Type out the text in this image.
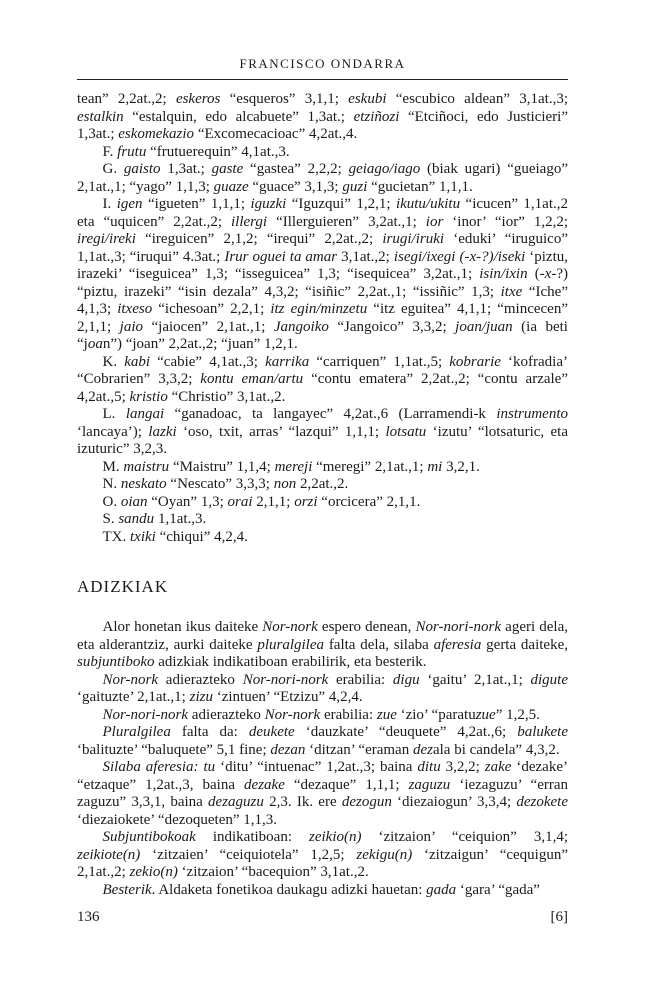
FRANCISCO ONDARRA

tean” 2,2at.,2; eskeros “esqueros” 3,1,1; eskubi “escubico aldean” 3,1at.,3; estalkin “estalquin, edo alcabuete” 1,3at.; etziñozi “Etciñoci, edo Justicieri” 1,3at.; eskomekazio “Excomecacioac” 4,2at.,4.

F. frutu “frutuerequin” 4,1at.,3.

G. gaisto 1,3at.; gaste “gastea” 2,2,2; geiago/iago (biak ugari) “gueiago” 2,1at.,1; “yago” 1,1,3; guaze “guace” 3,1,3; guzi “gucietan” 1,1,1.

I. igen “igueten” 1,1,1; iguzki “Iguzqui” 1,2,1; ikutu/ukitu “icucen” 1,1at.,2 eta “uquicen” 2,2at.,2; illergi “Illerguieren” 3,2at.,1; ior ‘inor’ “ior” 1,2,2; iregi/ireki “ireguicen” 2,1,2; “irequi” 2,2at.,2; irugi/iruki ‘eduki’ “iruguico” 1,1at.,3; “iruqui” 4.3at.; Irur oguei ta amar 3,1at.,2; isegi/ixegi (-x-?)/iseki ‘piztu, irazeki’ “iseguicea” 1,3; “isseguicea” 1,3; “isequicea” 3,2at.,1; isin/ixin (-x-?) “piztu, irazeki” “isin dezala” 4,3,2; “isiñic” 2,2at.,1; “issiñic” 1,3; itxe “Iche” 4,1,3; itxeso “ichesoan” 2,2,1; itz egin/minzetu “itz eguitea” 4,1,1; “mincecen” 2,1,1; jaio “jaiocen” 2,1at.,1; Jangoiko “Jangoico” 3,3,2; joan/juan (ia beti “joan”) “joan” 2,2at.,2; “juan” 1,2,1.

K. kabi “cabie” 4,1at.,3; karrika “carriquen” 1,1at.,5; kobrarie ‘kofradia’ “Cobrarien” 3,3,2; kontu eman/artu “contu ematera” 2,2at.,2; “contu arzale” 4,2at.,5; kristio “Christio” 3,1at.,2.

L. langai “ganadoac, ta langayec” 4,2at.,6 (Larramendi-k instrumento ‘lancaya’); lazki ‘oso, txit, arras’ “lazqui” 1,1,1; lotsatu ‘izutu’ “lotsaturic, eta izuturic” 3,2,3.

M. maistru “Maistru” 1,1,4; mereji “meregi” 2,1at.,1; mi 3,2,1.

N. neskato “Nescato” 3,3,3; non 2,2at.,2.

O. oian “Oyan” 1,3; orai 2,1,1; orzi “orcicera” 2,1,1.

S. sandu 1,1at.,3.

TX. txiki “chiqui” 4,2,4.

ADIZKIAK

Alor honetan ikus daiteke Nor-nork espero denean, Nor-nori-nork ageri dela, eta alderantziz, aurki daiteke pluralgilea falta dela, silaba aferesia gerta daiteke, subjuntiboko adizkiak indikatiboan erabilirik, eta besterik.

Nor-nork adierazteko Nor-nori-nork erabilia: digu ‘gaitu’ 2,1at.,1; digute ‘gaituzte’ 2,1at.,1; zizu ‘zintuen’ “Etzizu” 4,2,4.

Nor-nori-nork adierazteko Nor-nork erabilia: zue ‘zio’ “paratuzue” 1,2,5.

Pluralgilea falta da: deukete ‘dauzkate’ “deuquete” 4,2at.,6; balukete ‘balituzte’ “baluquete” 5,1 fine; dezan ‘ditzan’ “eraman dezala bi candela” 4,3,2.

Silaba aferesia: tu ‘ditu’ “intuenac” 1,2at.,3; baina ditu 3,2,2; zake ‘dezake’ “etzaque” 1,2at.,3, baina dezake “dezaque” 1,1,1; zaguzu ‘iezaguzu’ “erran zaguzu” 3,3,1, baina dezaguzu 2,3. Ik. ere dezogun ‘diezaiogun’ 3,3,4; dezokete ‘diezaiokete’ “dezoqueten” 1,1,3.

Subjuntibokoak indikatiboan: zeikio(n) ‘zitzaion’ “ceiquion” 3,1,4; zeikiote(n) ‘zitzaien’ “ceiquiotela” 1,2,5; zekigu(n) ‘zitzaigun’ “cequigun” 2,1at.,2; zekio(n) ‘zitzaion’ “bacequion” 3,1at.,2.

Besterik. Aldaketa fonetikoa daukagu adizki hauetan: gada ‘gara’ “gada”

136	[6]
